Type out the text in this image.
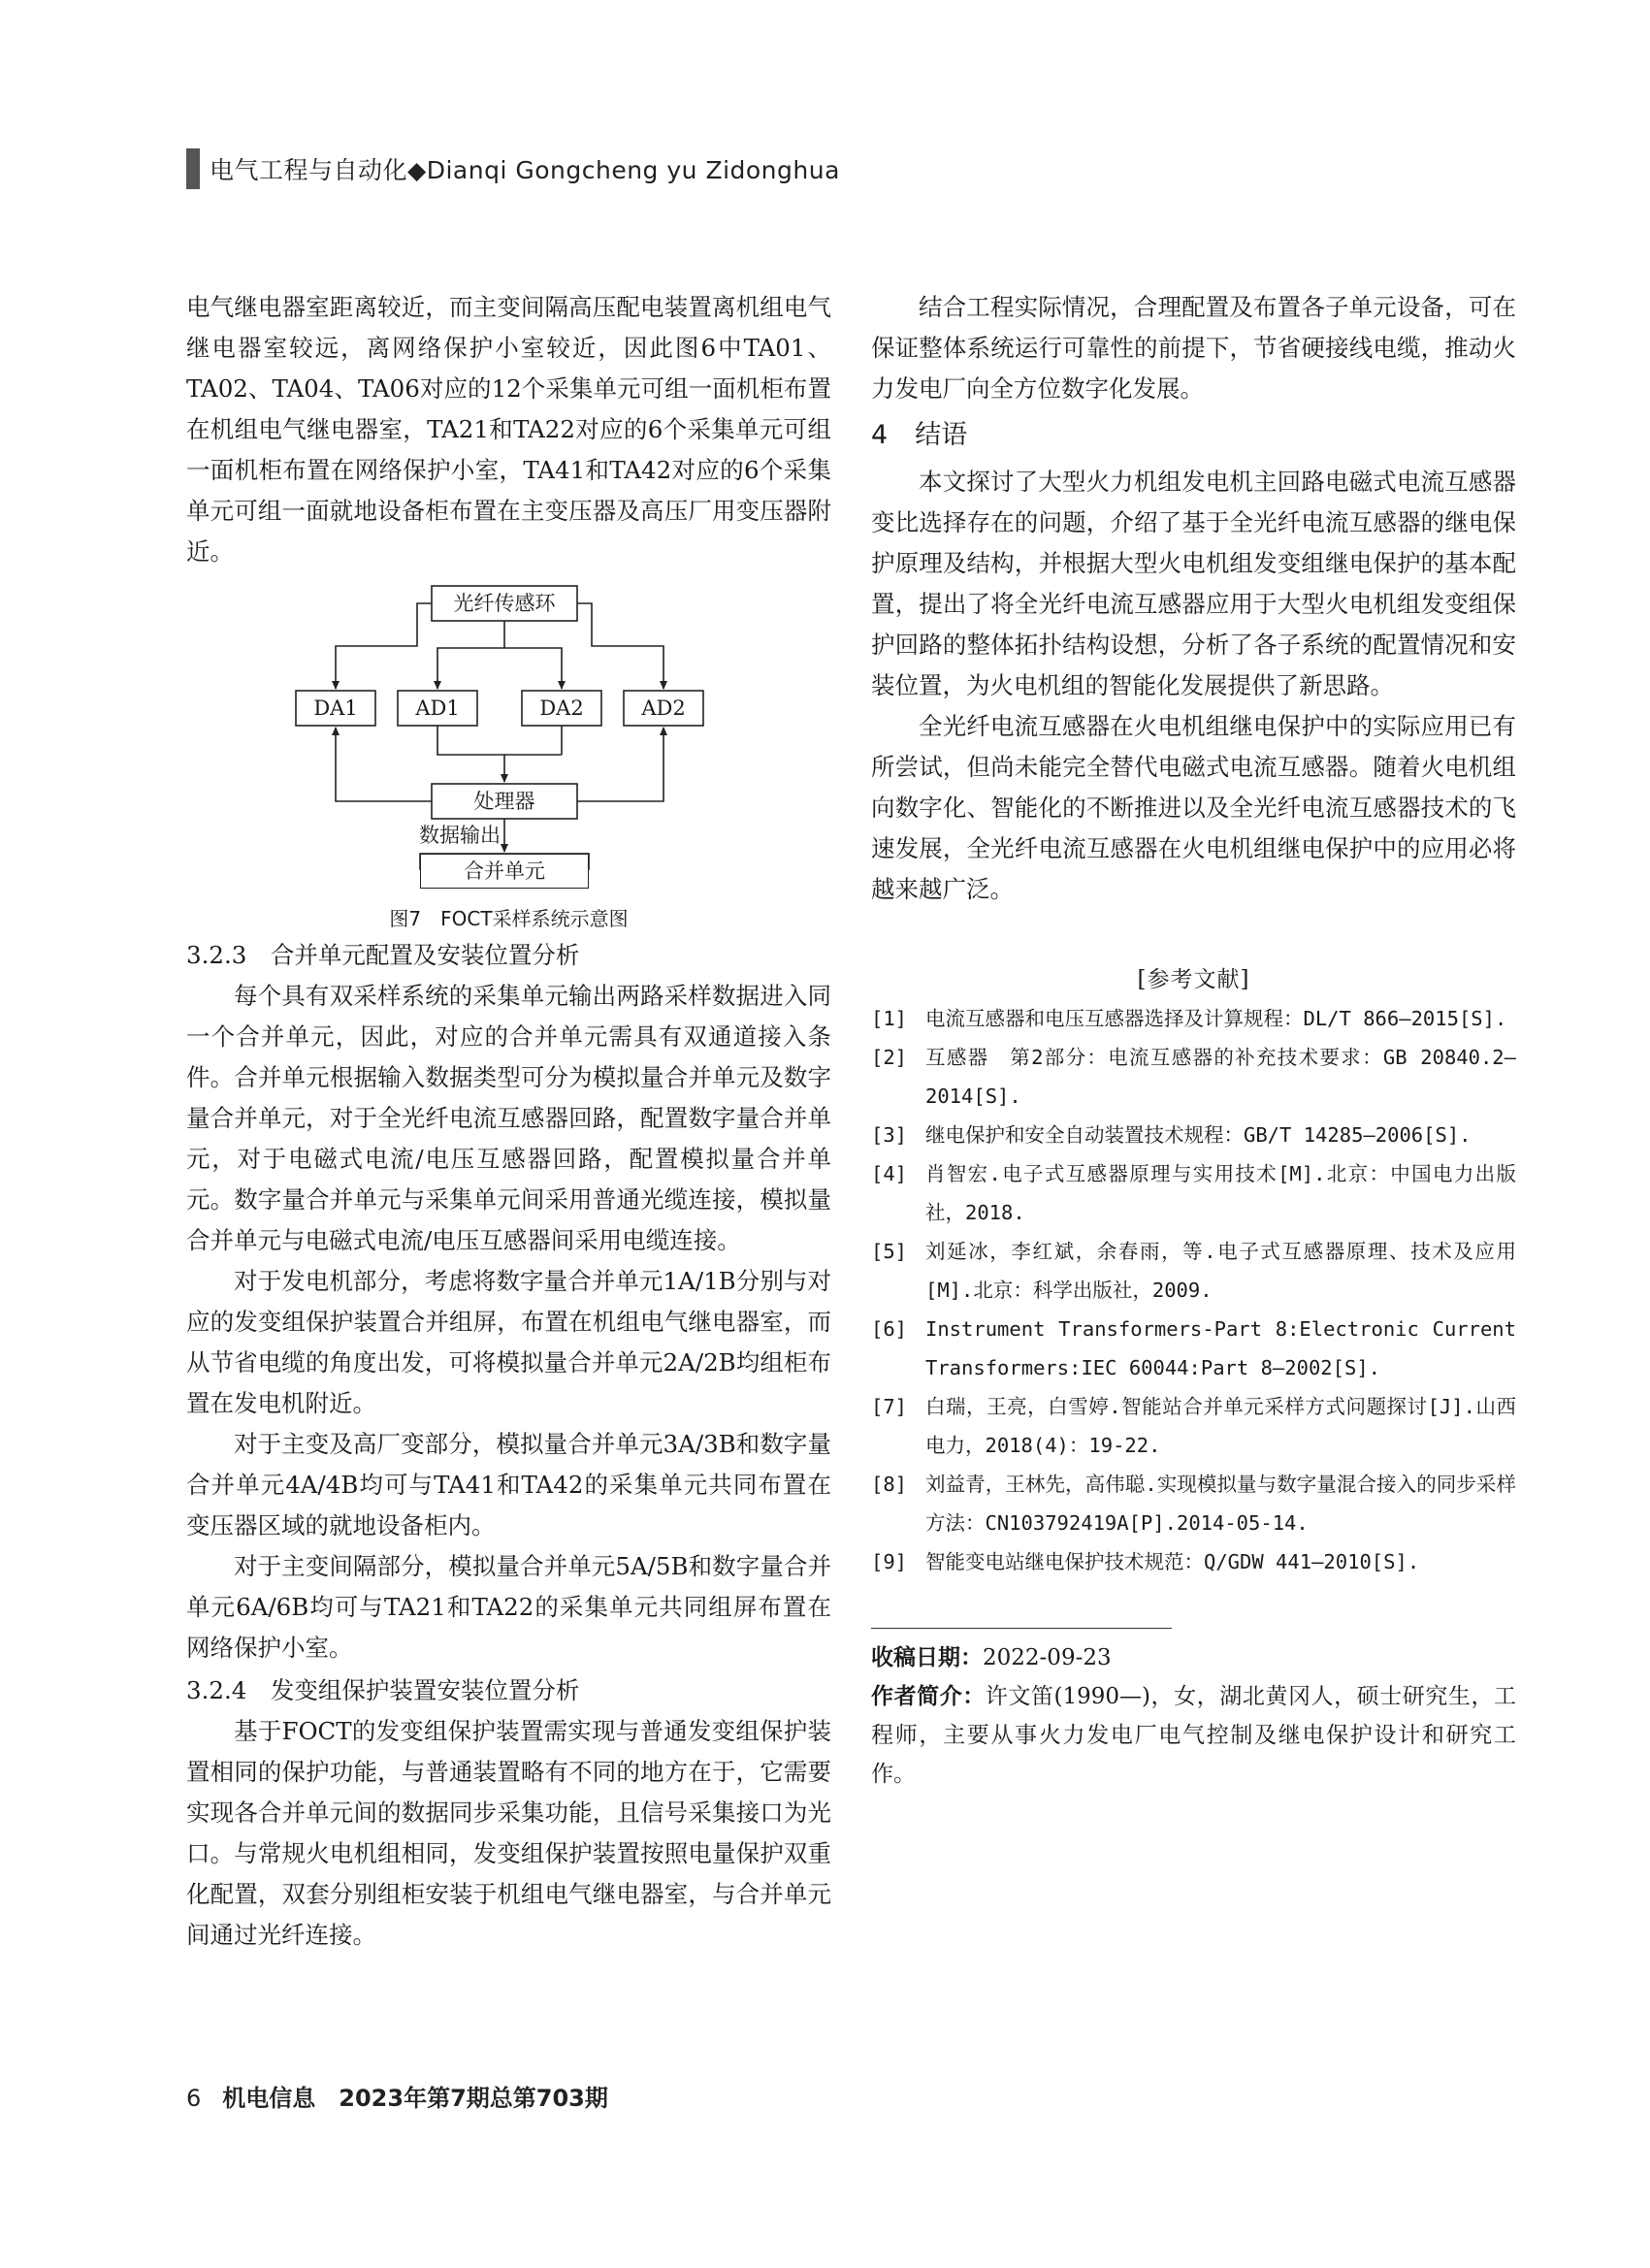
电气工程与自动化◆Dianqi Gongcheng yu Zidonghua

电气继电器室距离较近，而主变间隔高压配电装置离机组电气继电器室较远，离网络保护小室较近，因此图6中TA01、TA02、TA04、TA06对应的12个采集单元可组一面机柜布置在机组电气继电器室，TA21和TA22对应的6个采集单元可组一面机柜布置在网络保护小室，TA41和TA42对应的6个采集单元可组一面就地设备柜布置在主变压器及高压厂用变压器附近。

光纤传感环
DA1	AD1	DA2	AD2
处理器
数据输出
合并单元
图7　FOCT采样系统示意图
3.2.3　合并单元配置及安装位置分析

每个具有双采样系统的采集单元输出两路采样数据进入同一个合并单元，因此，对应的合并单元需具有双通道接入条件。合并单元根据输入数据类型可分为模拟量合并单元及数字量合并单元，对于全光纤电流互感器回路，配置数字量合并单元，对于电磁式电流/电压互感器回路，配置模拟量合并单元。数字量合并单元与采集单元间采用普通光缆连接，模拟量合并单元与电磁式电流/电压互感器间采用电缆连接。

对于发电机部分，考虑将数字量合并单元1A/1B分别与对应的发变组保护装置合并组屏，布置在机组电气继电器室，而从节省电缆的角度出发，可将模拟量合并单元2A/2B均组柜布置在发电机附近。

对于主变及高厂变部分，模拟量合并单元3A/3B和数字量合并单元4A/4B均可与TA41和TA42的采集单元共同布置在变压器区域的就地设备柜内。

对于主变间隔部分，模拟量合并单元5A/5B和数字量合并单元6A/6B均可与TA21和TA22的采集单元共同组屏布置在网络保护小室。

3.2.4　发变组保护装置安装位置分析

基于FOCT的发变组保护装置需实现与普通发变组保护装置相同的保护功能，与普通装置略有不同的地方在于，它需要实现各合并单元间的数据同步采集功能，且信号采集接口为光口。与常规火电机组相同，发变组保护装置按照电量保护双重化配置，双套分别组柜安装于机组电气继电器室，与合并单元间通过光纤连接。

结合工程实际情况，合理配置及布置各子单元设备，可在保证整体系统运行可靠性的前提下，节省硬接线电缆，推动火力发电厂向全方位数字化发展。

4 结语

本文探讨了大型火力机组发电机主回路电磁式电流互感器变比选择存在的问题，介绍了基于全光纤电流互感器的继电保护原理及结构，并根据大型火电机组发变组继电保护的基本配置，提出了将全光纤电流互感器应用于大型火电机组发变组保护回路的整体拓扑结构设想，分析了各子系统的配置情况和安装位置，为火电机组的智能化发展提供了新思路。

全光纤电流互感器在火电机组继电保护中的实际应用已有所尝试，但尚未能完全替代电磁式电流互感器。随着火电机组向数字化、智能化的不断推进以及全光纤电流互感器技术的飞速发展，全光纤电流互感器在火电机组继电保护中的应用必将越来越广泛。

[参考文献]
[1] 电流互感器和电压互感器选择及计算规程：DL/T 866—2015[S].
[2] 互感器　第2部分：电流互感器的补充技术要求：GB 20840.2—2014[S].
[3] 继电保护和安全自动装置技术规程：GB/T 14285—2006[S].
[4] 肖智宏.电子式互感器原理与实用技术[M].北京：中国电力出版社，2018.
[5] 刘延冰，李红斌，余春雨，等.电子式互感器原理、技术及应用[M].北京：科学出版社，2009.
[6] Instrument Transformers-Part 8:Electronic Current Transformers:IEC 60044:Part 8—2002[S].
[7] 白瑞，王亮，白雪婷.智能站合并单元采样方式问题探讨[J].山西电力，2018(4)：19-22.
[8] 刘益青，王林先，高伟聪.实现模拟量与数字量混合接入的同步采样方法：CN103792419A[P].2014-05-14.
[9] 智能变电站继电保护技术规范：Q/GDW 441—2010[S].
收稿日期：2022-09-23
作者简介：许文笛(1990—)，女，湖北黄冈人，硕士研究生，工程师，主要从事火力发电厂电气控制及继电保护设计和研究工作。
6 机电信息　2023年第7期总第703期
